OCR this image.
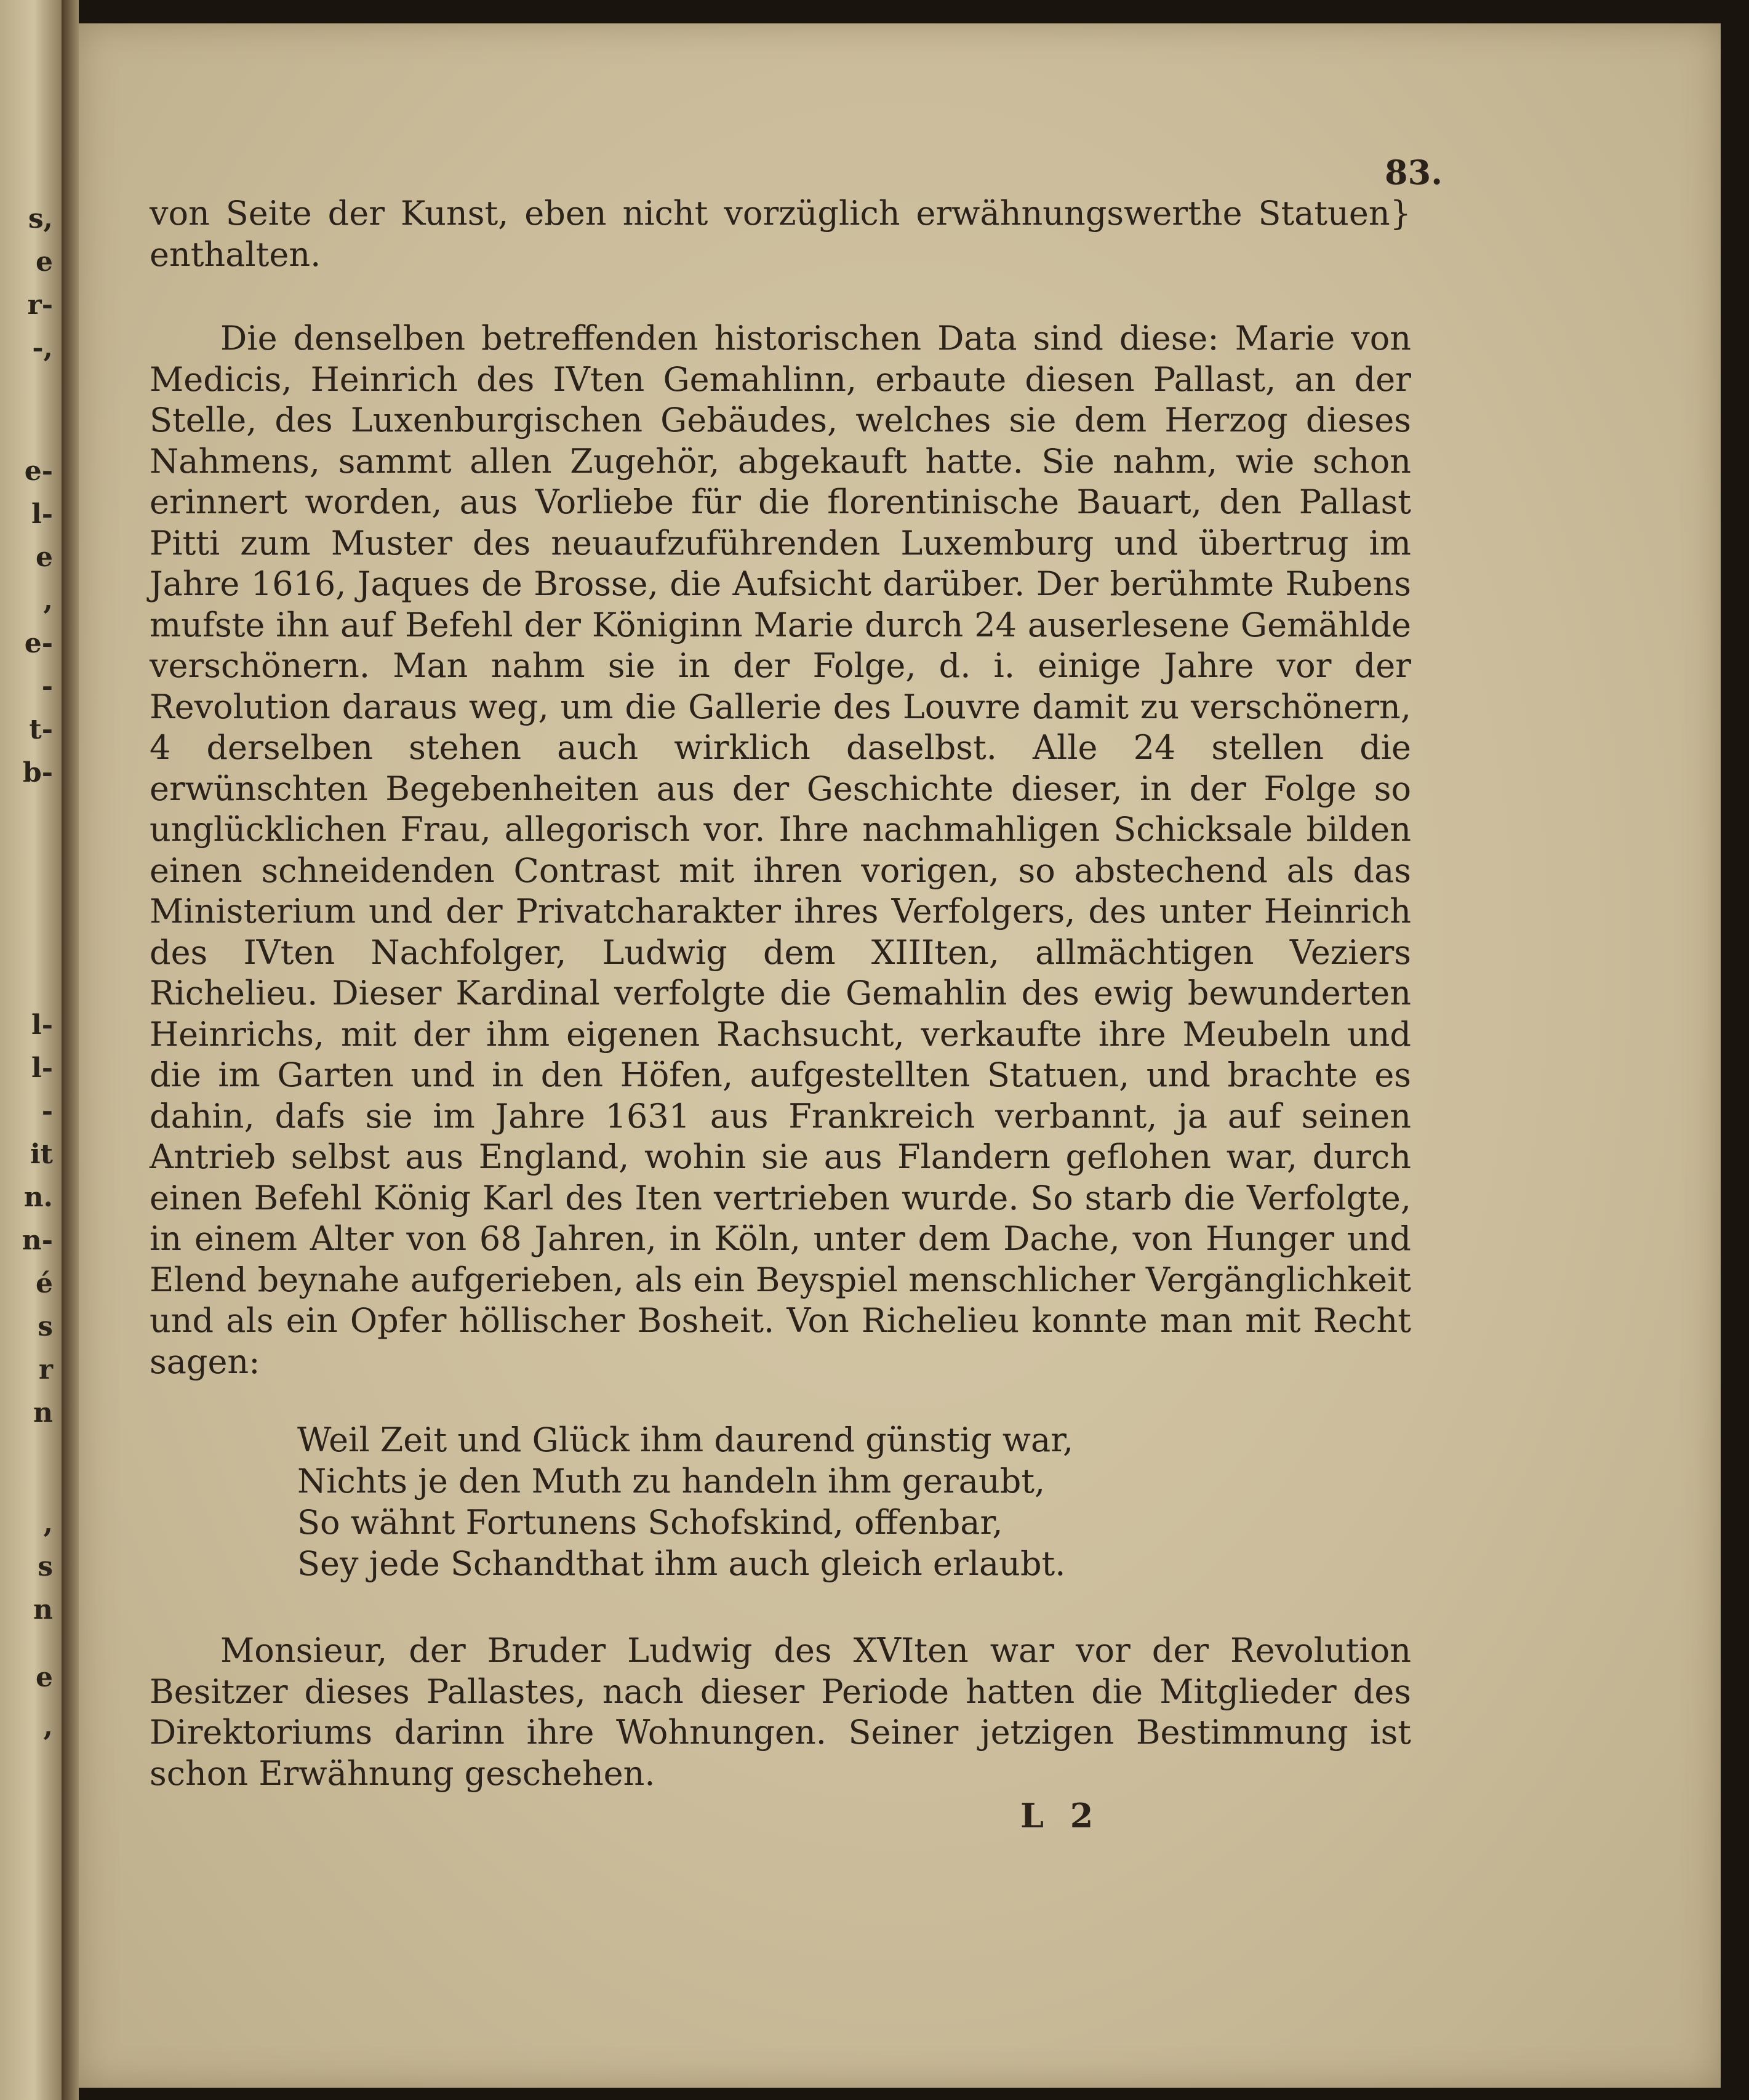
s,
e
r-
-,
e-
l-
e
,
e-
-
t-
b-
l-
l-
-
it
n.
n-
é
s
r
n
,
s
n
e
,
83.

von Seite der Kunst, eben nicht vorzüglich erwähnungswerthe Statuen} enthalten.

Die denselben betreffenden historischen Data sind diese: Marie von Medicis, Heinrich des IVten Gemahlinn, erbaute diesen Pallast, an der Stelle, des Luxenburgischen Gebäudes, welches sie dem Herzog dieses Nahmens, sammt allen Zugehör, abgekauft hatte. Sie nahm, wie schon erinnert worden, aus Vorliebe für die florentinische Bauart, den Pallast Pitti zum Muster des neuaufzuführenden Luxemburg und übertrug im Jahre 1616, Jaques de Brosse, die Aufsicht darüber. Der berühmte Rubens mufste ihn auf Befehl der Königinn Marie durch 24 auserlesene Gemählde verschönern. Man nahm sie in der Folge, d. i. einige Jahre vor der Revolution daraus weg, um die Gallerie des Louvre damit zu verschönern, 4 derselben stehen auch wirklich daselbst. Alle 24 stellen die erwünschten Begebenheiten aus der Geschichte dieser, in der Folge so unglücklichen Frau, allegorisch vor. Ihre nachmahligen Schicksale bilden einen schneidenden Contrast mit ihren vorigen, so abstechend als das Ministerium und der Privatcharakter ihres Verfolgers, des unter Heinrich des IVten Nachfolger, Ludwig dem XIIIten, allmächtigen Veziers Richelieu. Dieser Kardinal verfolgte die Gemahlin des ewig bewunderten Heinrichs, mit der ihm eigenen Rachsucht, verkaufte ihre Meubeln und die im Garten und in den Höfen, aufgestellten Statuen, und brachte es dahin, dafs sie im Jahre 1631 aus Frankreich verbannt, ja auf seinen Antrieb selbst aus England, wohin sie aus Flandern geflohen war, durch einen Befehl König Karl des Iten vertrieben wurde. So starb die Verfolgte, in einem Alter von 68 Jahren, in Köln, unter dem Dache, von Hunger und Elend beynahe aufgerieben, als ein Beyspiel menschlicher Vergänglichkeit und als ein Opfer höllischer Bosheit. Von Richelieu konnte man mit Recht sagen:

Weil Zeit und Glück ihm daurend günstig war,
Nichts je den Muth zu handeln ihm geraubt,
So wähnt Fortunens Schofskind, offenbar,
Sey jede Schandthat ihm auch gleich erlaubt.

Monsieur, der Bruder Ludwig des XVIten war vor der Revolution Besitzer dieses Pallastes, nach dieser Periode hatten die Mitglieder des Direktoriums darinn ihre Wohnungen. Seiner jetzigen Bestimmung ist schon Erwähnung geschehen.

L 2
